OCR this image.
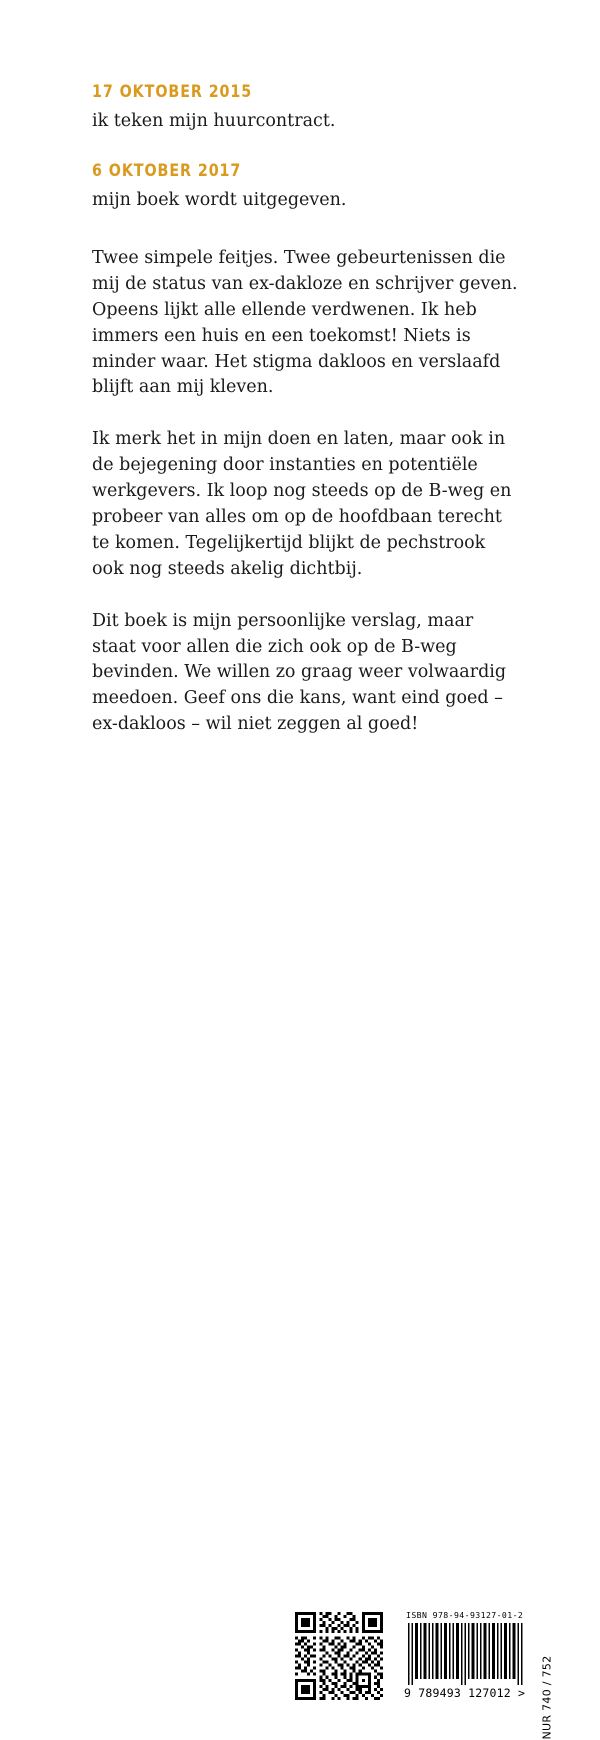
17 OKTOBER 2015

ik teken mijn huurcontract.

6 OKTOBER 2017

mijn boek wordt uitgegeven.

Twee simpele feitjes. Twee gebeurtenissen die mij de status van ex-dakloze en schrijver geven. Opeens lijkt alle ellende verdwenen. Ik heb immers een huis en een toekomst! Niets is minder waar. Het stigma dakloos en verslaafd blijft aan mij kleven.

Ik merk het in mijn doen en laten, maar ook in de bejegening door instanties en potentiële werkgevers. Ik loop nog steeds op de B-weg en probeer van alles om op de hoofdbaan terecht te komen. Tegelijkertijd blijkt de pechstrook ook nog steeds akelig dichtbij.

Dit boek is mijn persoonlijke verslag, maar staat voor allen die zich ook op de B-weg bevinden. We willen zo graag weer volwaardig meedoen. Geef ons die kans, want eind goed – ex-dakloos – wil niet zeggen al goed!

ISBN 978-94-93127-01-2

9 789493 127012 >	NUR 740 / 752
